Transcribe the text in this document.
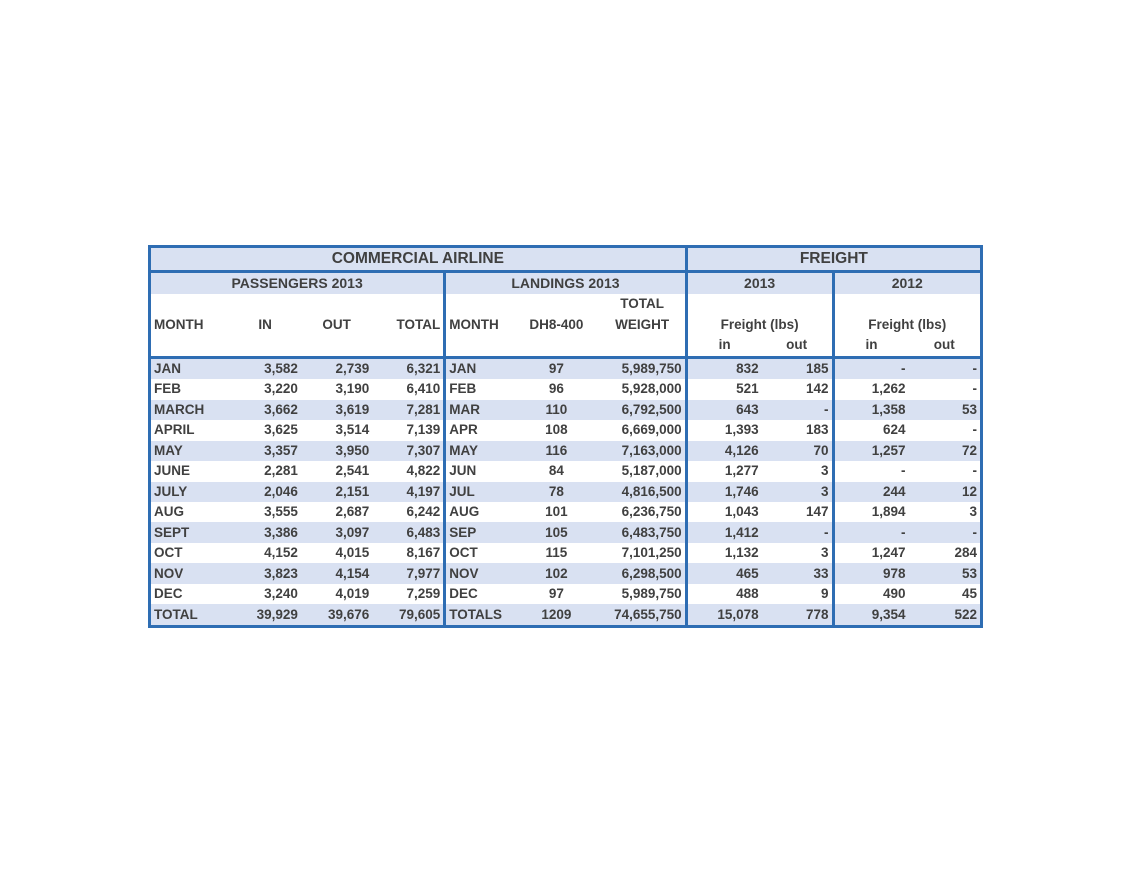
COMMERCIAL AIRLINE							FREIGHT			
PASSENGERS 2013				LANDINGS 2013			2013		2012	
						TOTAL				
MONTH	IN	OUT	TOTAL	MONTH	DH8-400	WEIGHT	Freight (lbs)		Freight (lbs)	
							in	out	in	out
JAN	3,582	2,739	6,321	JAN	97	5,989,750	832	185	-	-
FEB	3,220	3,190	6,410	FEB	96	5,928,000	521	142	1,262	-
MARCH	3,662	3,619	7,281	MAR	110	6,792,500	643	-	1,358	53
APRIL	3,625	3,514	7,139	APR	108	6,669,000	1,393	183	624	-
MAY	3,357	3,950	7,307	MAY	116	7,163,000	4,126	70	1,257	72
JUNE	2,281	2,541	4,822	JUN	84	5,187,000	1,277	3	-	-
JULY	2,046	2,151	4,197	JUL	78	4,816,500	1,746	3	244	12
AUG	3,555	2,687	6,242	AUG	101	6,236,750	1,043	147	1,894	3
SEPT	3,386	3,097	6,483	SEP	105	6,483,750	1,412	-	-	-
OCT	4,152	4,015	8,167	OCT	115	7,101,250	1,132	3	1,247	284
NOV	3,823	4,154	7,977	NOV	102	6,298,500	465	33	978	53
DEC	3,240	4,019	7,259	DEC	97	5,989,750	488	9	490	45
TOTAL	39,929	39,676	79,605	TOTALS	1209	74,655,750	15,078	778	9,354	522
